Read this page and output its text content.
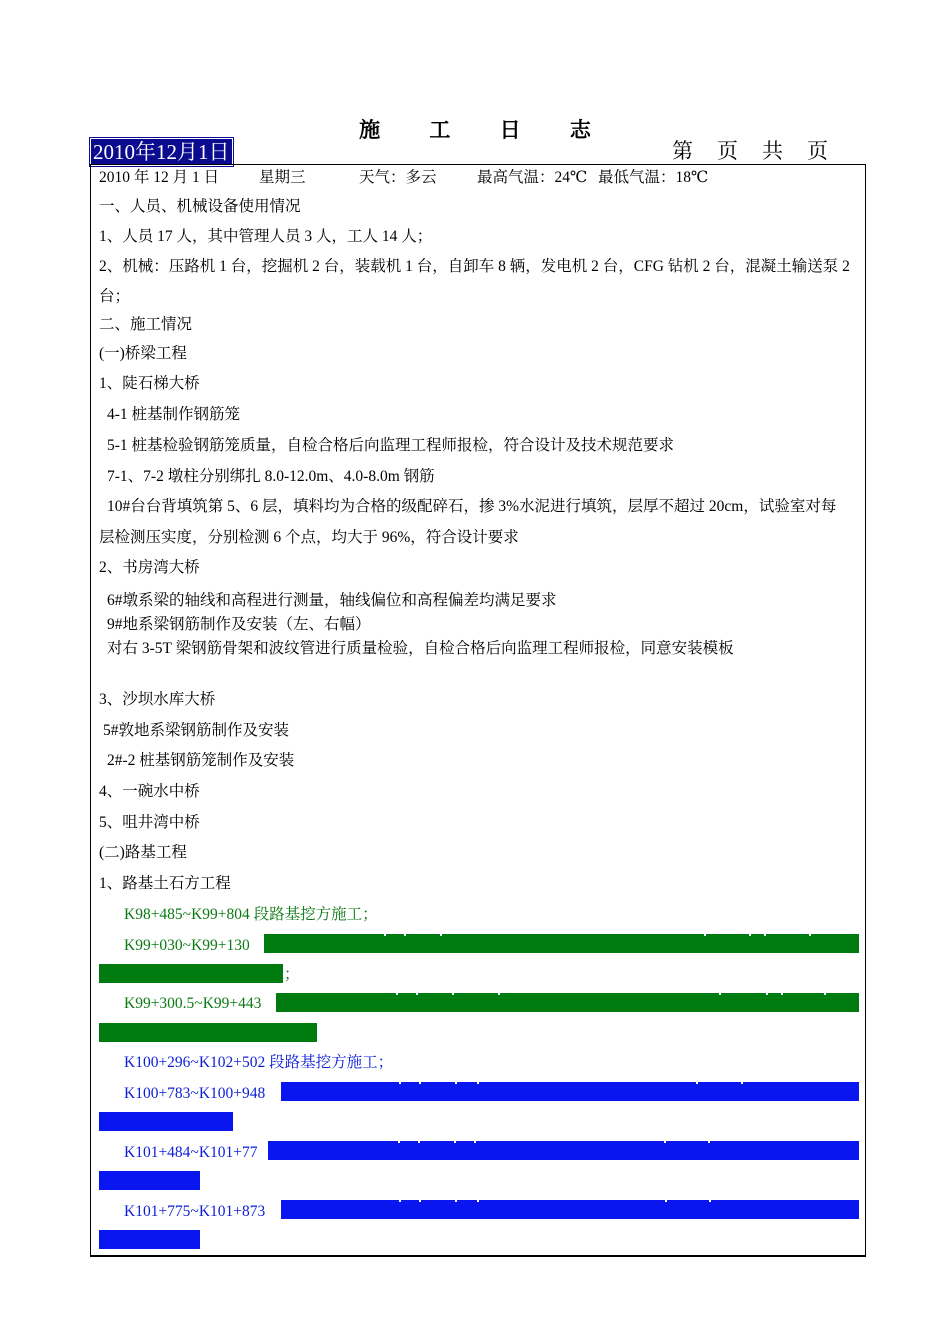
施 工 日 志
2010年12月1日	第 页 共 页
2010 年 12 月 1 日	星期三	天气：多云	最高气温：24℃ 最低气温：18℃
一、人员、机械设备使用情况
1、人员 17 人，其中管理人员 3 人，工人 14 人；
2、机械：压路机 1 台，挖掘机 2 台，装载机 1 台，自卸车 8 辆，发电机 2 台，CFG 钻机 2 台，混凝土输送泵 2
台；
二、施工情况
(一)桥梁工程
1、陡石梯大桥
4-1 桩基制作钢筋笼
5-1 桩基检验钢筋笼质量，自检合格后向监理工程师报检，符合设计及技术规范要求
7-1、7-2 墩柱分别绑扎 8.0-12.0m、4.0-8.0m 钢筋
10#台台背填筑第 5、6 层，填料均为合格的级配碎石，掺 3%水泥进行填筑，层厚不超过 20cm，试验室对每
层检测压实度，分别检测 6 个点，均大于 96%，符合设计要求
2、书房湾大桥
6#墩系梁的轴线和高程进行测量，轴线偏位和高程偏差均满足要求
9#地系梁钢筋制作及安装（左、右幅）
对右 3-5T 梁钢筋骨架和波纹管进行质量检验，自检合格后向监理工程师报检，同意安装模板
3、沙坝水库大桥
5#敦地系梁钢筋制作及安装
2#-2 桩基钢筋笼制作及安装
4、一碗水中桥
5、咀井湾中桥
(二)路基工程
1、路基土石方工程
K98+485~K99+804 段路基挖方施工；
K99+030~K99+130
；
K99+300.5~K99+443
K100+296~K102+502 段路基挖方施工；
K100+783~K100+948
K101+484~K101+77
K101+775~K101+873
